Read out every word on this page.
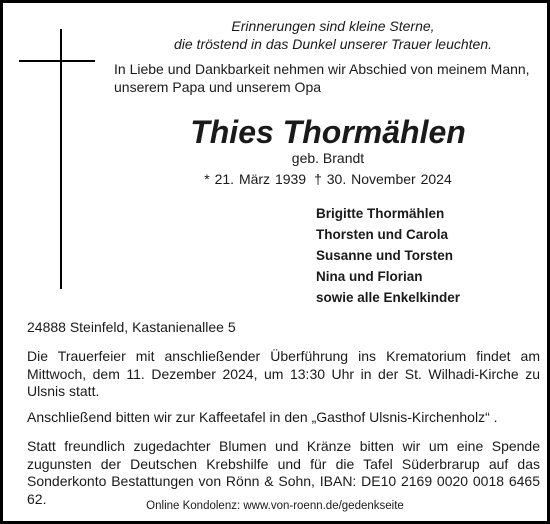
Erinnerungen sind kleine Sterne,
die tröstend in das Dunkel unserer Trauer leuchten.
In Liebe und Dankbarkeit nehmen wir Abschied von meinem Mann,
unserem Papa und unserem Opa
Thies Thormählen
geb. Brandt
* 21. März 1939 † 30. November 2024
Brigitte Thormählen
Thorsten und Carola
Susanne und Torsten
Nina und Florian
sowie alle Enkelkinder
24888 Steinfeld, Kastanienallee 5
Die Trauerfeier mit anschließender Überführung ins Krematorium findet am Mittwoch, dem 11. Dezember 2024, um 13:30 Uhr in der St. Wilhadi-Kirche zu Ulsnis statt.
Anschließend bitten wir zur Kaffeetafel in den „Gasthof Ulsnis-Kirchenholz“ .
Statt freundlich zugedachter Blumen und Kränze bitten wir um eine Spende zugunsten der Deutschen Krebshilfe und für die Tafel Süderbrarup auf das Sonderkonto Bestattungen von Rönn & Sohn, IBAN: DE10 2169 0020 0018 6465 62.	Online Kondolenz: www.von-roenn.de/gedenkseite
